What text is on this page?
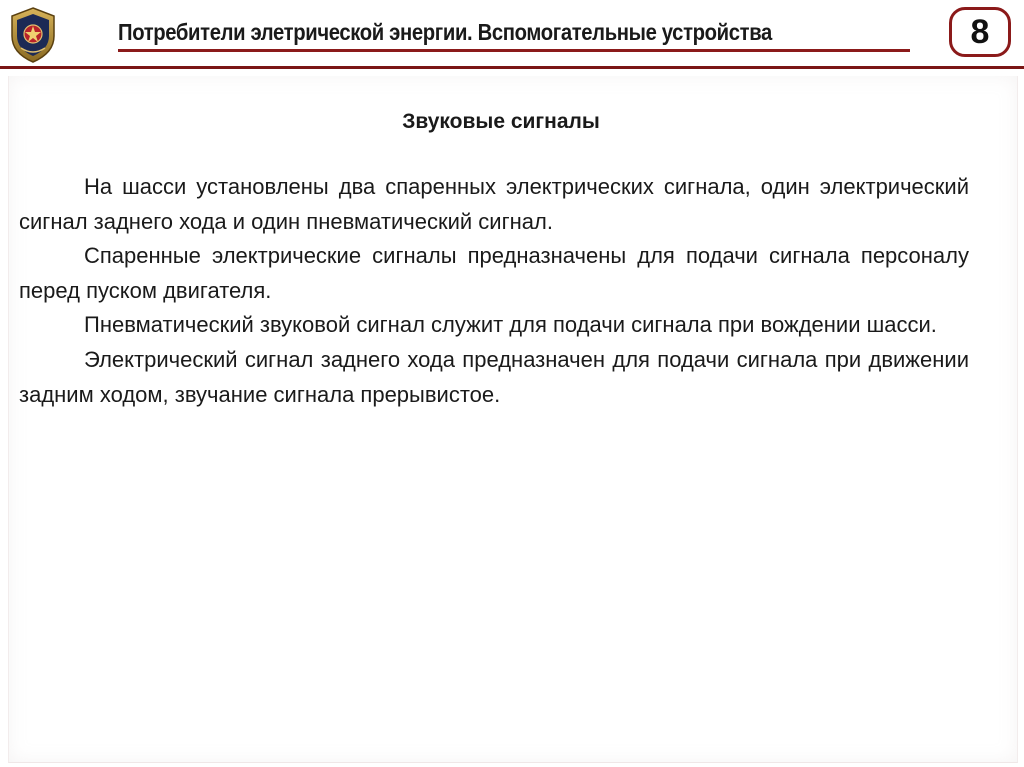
Потребители элетрической энергии. Вспомогательные устройства	8
Звуковые сигналы

На шасси установлены два спаренных электрических сигнала, один электрический сигнал заднего хода и один пневматический сигнал.

Спаренные электрические сигналы предназначены для подачи сигнала персоналу перед пуском двигателя.

Пневматический звуковой сигнал служит для подачи сигнала при вождении шасси.

Электрический сигнал заднего хода предназначен для подачи сигнала при движении задним ходом, звучание сигнала прерывистое.
